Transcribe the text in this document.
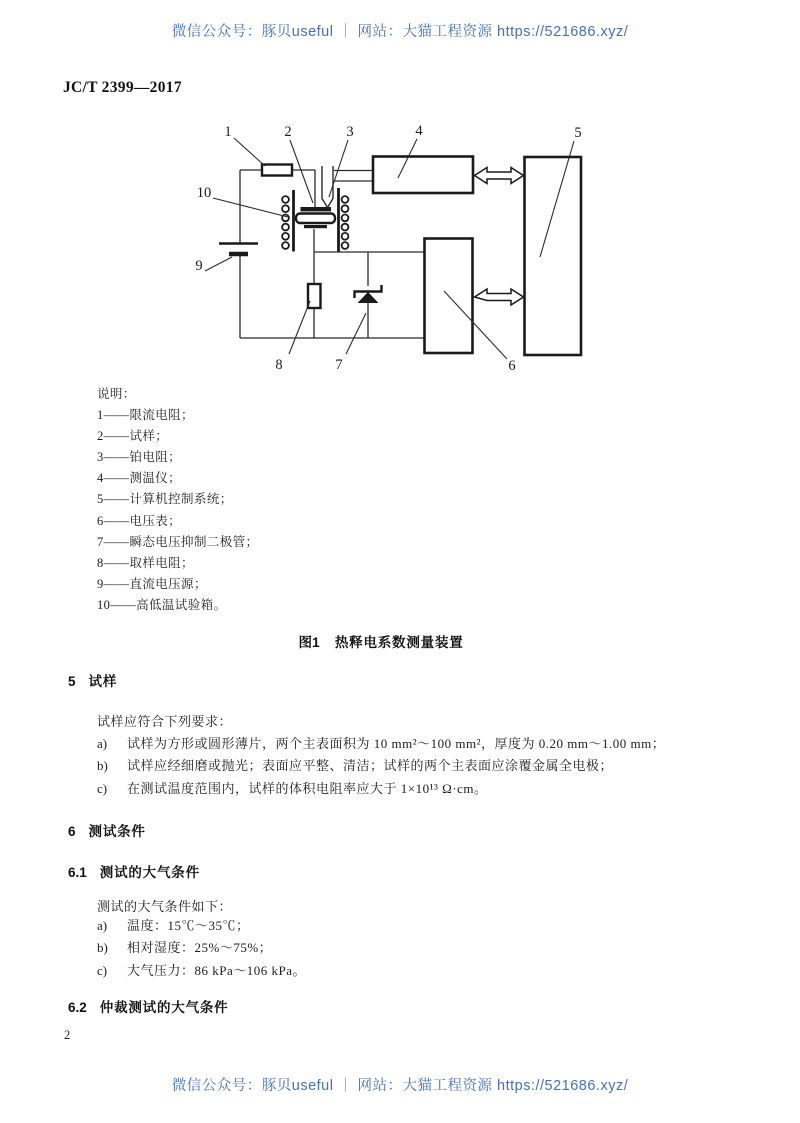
微信公众号：豚贝useful ｜ 网站：大猫工程资源 https://521686.xyz/
JC/T 2399—2017
1	2	3	4	5
6
7
8
9
10
说明：
1——限流电阻；
2——试样；
3——铂电阻；
4——测温仪；
5——计算机控制系统；
6——电压表；
7——瞬态电压抑制二极管；
8——取样电阻；
9——直流电压源；
10——高低温试验箱。
图1 热释电系数测量装置
5 试样
试样应符合下列要求：
a) 试样为方形或圆形薄片，两个主表面积为 10 mm²～100 mm²，厚度为 0.20 mm～1.00 mm；
b) 试样应经细磨或抛光；表面应平整、清洁；试样的两个主表面应涂覆金属全电极；
c) 在测试温度范围内，试样的体积电阻率应大于 1×10¹³ Ω·cm。
6 测试条件
6.1 测试的大气条件
测试的大气条件如下：
a) 温度：15℃～35℃；
b) 相对湿度：25%～75%；
c) 大气压力：86 kPa～106 kPa。
6.2 仲裁测试的大气条件
2
微信公众号：豚贝useful ｜ 网站：大猫工程资源 https://521686.xyz/
